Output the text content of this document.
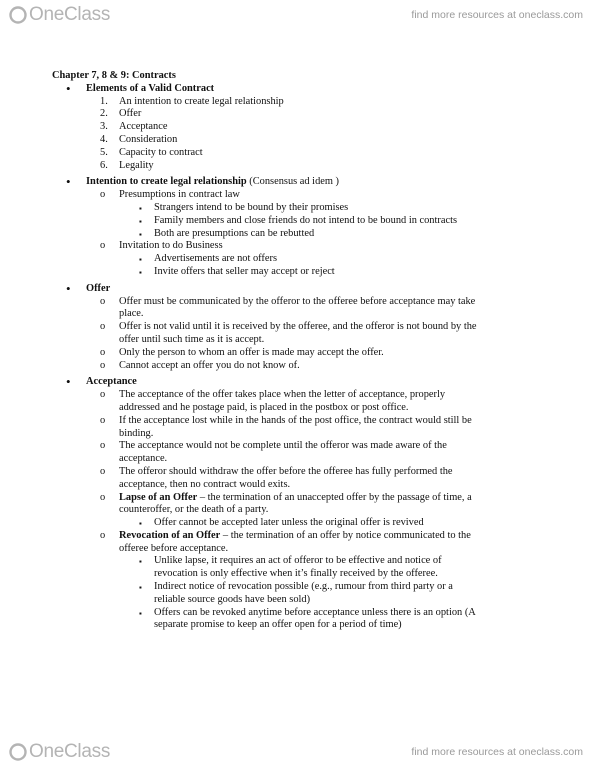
One Class	find more resources at oneclass.com
Chapter 7, 8 & 9: Contracts
• Elements of a Valid Contract
1. An intention to create legal relationship
2. Offer
3. Acceptance
4. Consideration
5. Capacity to contract
6. Legality
• Intention to create legal relationship (Consensus ad idem )
o Presumptions in contract law
▪ Strangers intend to be bound by their promises
▪ Family members and close friends do not intend to be bound in contracts
▪ Both are presumptions can be rebutted
o Invitation to do Business
▪ Advertisements are not offers
▪ Invite offers that seller may accept or reject
• Offer
o Offer must be communicated by the offeror to the offeree before acceptance may take
place.
o Offer is not valid until it is received by the offeree, and the offeror is not bound by the
offer until such time as it is accept.
o Only the person to whom an offer is made may accept the offer.
o Cannot accept an offer you do not know of.
• Acceptance
o The acceptance of the offer takes place when the letter of acceptance, properly
addressed and he postage paid, is placed in the postbox or post office.
o If the acceptance lost while in the hands of the post office, the contract would still be
binding.
o The acceptance would not be complete until the offeror was made aware of the
acceptance.
o The offeror should withdraw the offer before the offeree has fully performed the
acceptance, then no contract would exits.
o Lapse of an Offer – the termination of an unaccepted offer by the passage of time, a
counteroffer, or the death of a party.
▪ Offer cannot be accepted later unless the original offer is revived
o Revocation of an Offer – the termination of an offer by notice communicated to the
offeree before acceptance.
▪ Unlike lapse, it requires an act of offeror to be effective and notice of
revocation is only effective when it’s finally received by the offeree.
▪ Indirect notice of revocation possible (e.g., rumour from third party or a
reliable source goods have been sold)
▪ Offers can be revoked anytime before acceptance unless there is an option (A
separate promise to keep an offer open for a period of time)
One Class	find more resources at oneclass.com
